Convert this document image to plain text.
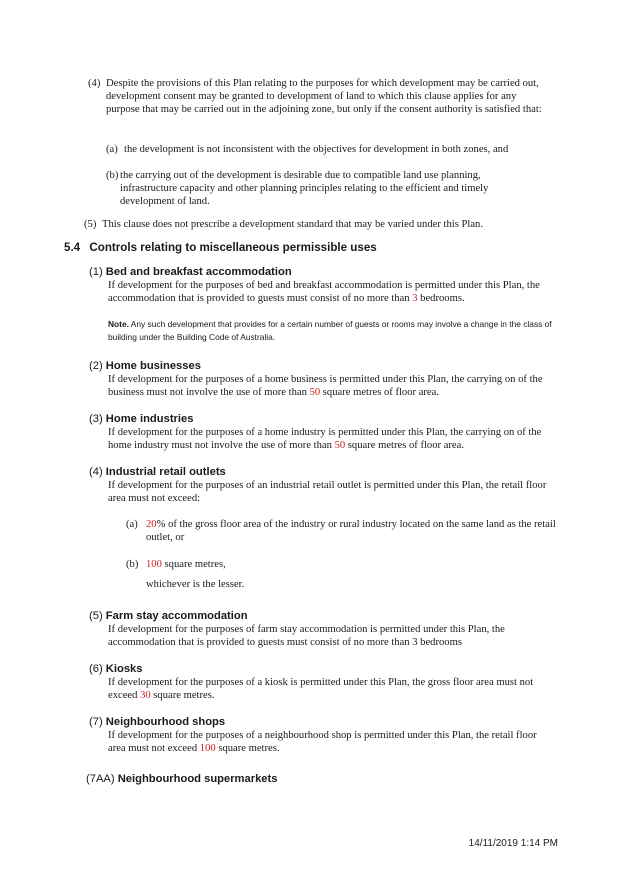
(4) Despite the provisions of this Plan relating to the purposes for which development may be carried out, development consent may be granted to development of land to which this clause applies for any purpose that may be carried out in the adjoining zone, but only if the consent authority is satisfied that:
(a) the development is not inconsistent with the objectives for development in both zones, and
(b) the carrying out of the development is desirable due to compatible land use planning, infrastructure capacity and other planning principles relating to the efficient and timely development of land.
(5) This clause does not prescribe a development standard that may be varied under this Plan.
5.4 Controls relating to miscellaneous permissible uses
(1) Bed and breakfast accommodation
If development for the purposes of bed and breakfast accommodation is permitted under this Plan, the accommodation that is provided to guests must consist of no more than 3 bedrooms.
Note. Any such development that provides for a certain number of guests or rooms may involve a change in the class of building under the Building Code of Australia.
(2) Home businesses
If development for the purposes of a home business is permitted under this Plan, the carrying on of the business must not involve the use of more than 50 square metres of floor area.
(3) Home industries
If development for the purposes of a home industry is permitted under this Plan, the carrying on of the home industry must not involve the use of more than 50 square metres of floor area.
(4) Industrial retail outlets
If development for the purposes of an industrial retail outlet is permitted under this Plan, the retail floor area must not exceed:
(a) 20% of the gross floor area of the industry or rural industry located on the same land as the retail outlet, or
(b) 100 square metres,
whichever is the lesser.
(5) Farm stay accommodation
If development for the purposes of farm stay accommodation is permitted under this Plan, the accommodation that is provided to guests must consist of no more than 3 bedrooms
(6) Kiosks
If development for the purposes of a kiosk is permitted under this Plan, the gross floor area must not exceed 30 square metres.
(7) Neighbourhood shops
If development for the purposes of a neighbourhood shop is permitted under this Plan, the retail floor area must not exceed 100 square metres.
(7AA) Neighbourhood supermarkets
14/11/2019 1:14 PM
